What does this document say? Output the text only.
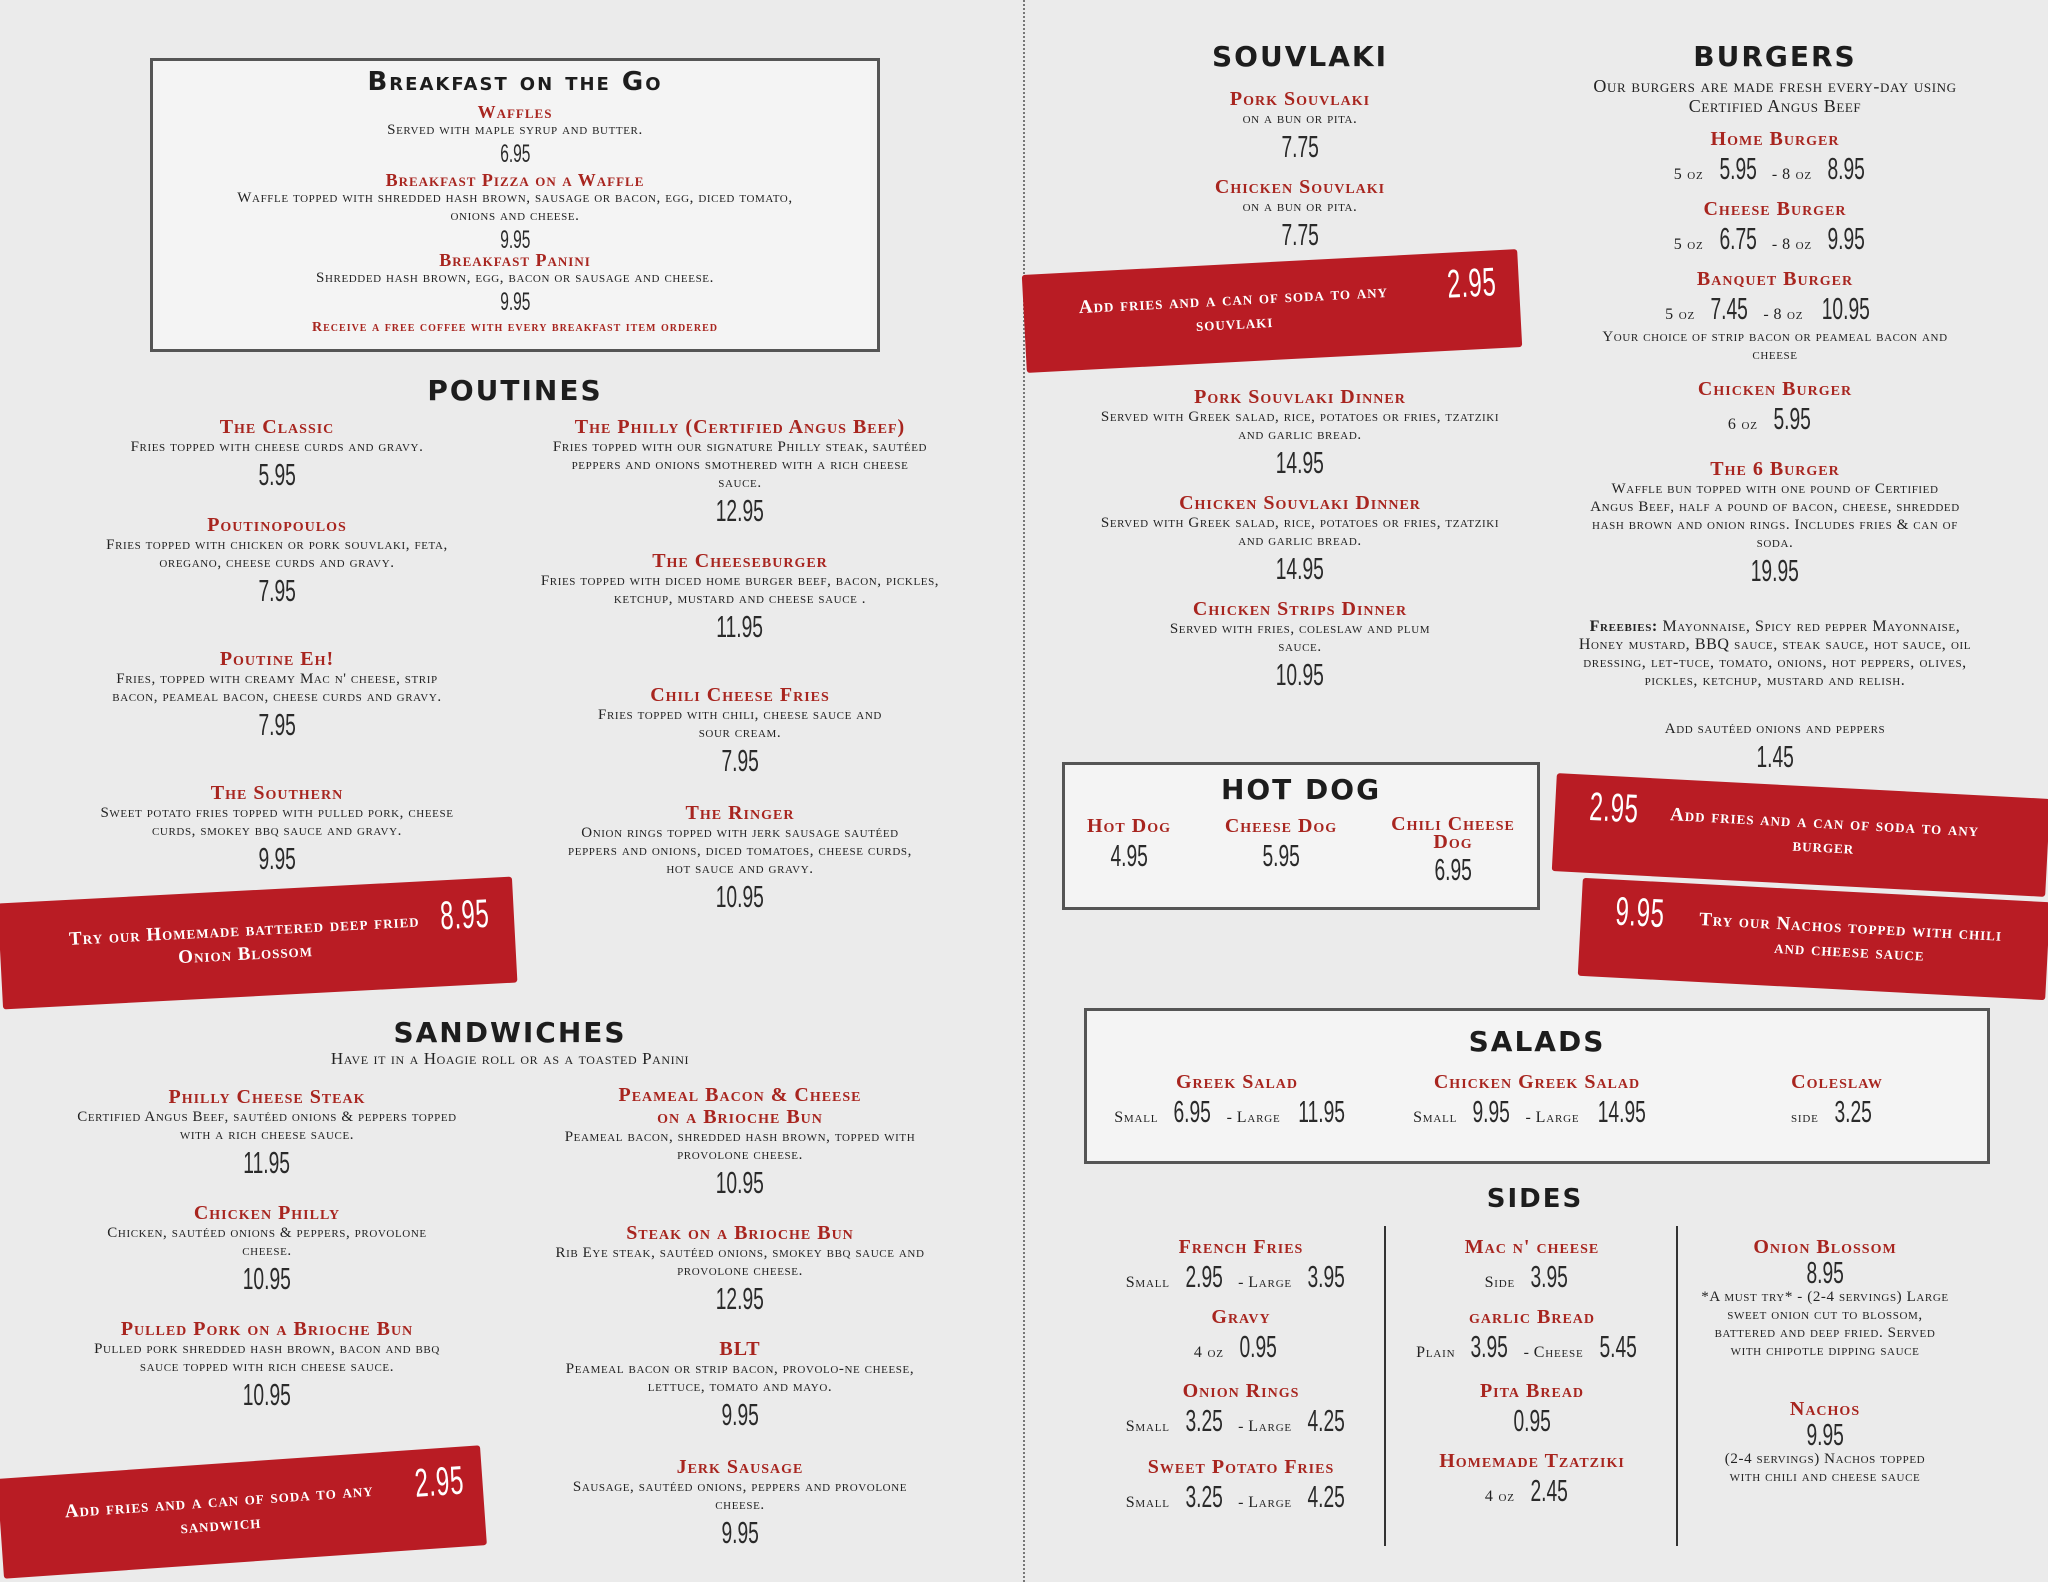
Breakfast on the Go
Waffles
Served with maple syrup and butter.
6.95
Breakfast Pizza on a Waffle
Waffle topped with shredded hash brown, sausage or bacon, egg, diced tomato, onions and cheese.
9.95
Breakfast Panini
Shredded hash brown, egg, bacon or sausage and cheese.
9.95
Receive a free coffee with every breakfast item ordered
POUTINES
The Classic
Fries topped with cheese curds and gravy.
5.95
Poutinopoulos
Fries topped with chicken or pork souvlaki, feta, oregano, cheese curds and gravy.
7.95
Poutine Eh!
Fries, topped with creamy Mac n' cheese, strip bacon, peameal bacon, cheese curds and gravy.
7.95
The Southern
Sweet potato fries topped with pulled pork, cheese curds, smokey bbq sauce and gravy.
9.95
The Philly (Certified Angus Beef)
Fries topped with our signature Philly steak, sautéed peppers and onions smothered with a rich cheese sauce.
12.95
The Cheeseburger
Fries topped with diced home burger beef, bacon, pickles, ketchup, mustard and cheese sauce .
11.95
Chili Cheese Fries
Fries topped with chili, cheese sauce and sour cream.
7.95
The Ringer
Onion rings topped with jerk sausage sautéed peppers and onions, diced tomatoes, cheese curds, hot sauce and gravy.
10.95
Try our Homemade battered deep fried Onion Blossom
8.95
SANDWICHES
Have it in a Hoagie roll or as a toasted Panini
Philly Cheese Steak
Certified Angus Beef, sautéed onions & peppers topped with a rich cheese sauce.
11.95
Chicken Philly
Chicken, sautéed onions & peppers, provolone cheese.
10.95
Pulled Pork on a Brioche Bun
Pulled pork shredded hash brown, bacon and bbq sauce topped with rich cheese sauce.
10.95
Peameal Bacon & Cheese on a Brioche Bun
Peameal bacon, shredded hash brown, topped with provolone cheese.
10.95
Steak on a Brioche Bun
Rib Eye steak, sautéed onions, smokey bbq sauce and provolone cheese.
12.95
BLT
Peameal bacon or strip bacon, provolo-ne cheese, lettuce, tomato and mayo.
9.95
Jerk Sausage
Sausage, sautéed onions, peppers and provolone cheese.
9.95
Add fries and a can of soda to any sandwich
2.95
SOUVLAKI
Pork Souvlaki
on a bun or pita.
7.75
Chicken Souvlaki
on a bun or pita.
7.75
Add fries and a can of soda to any souvlaki
2.95
Pork Souvlaki Dinner
Served with Greek salad, rice, potatoes or fries, tzatziki and garlic bread.
14.95
Chicken Souvlaki Dinner
Served with Greek salad, rice, potatoes or fries, tzatziki and garlic bread.
14.95
Chicken Strips Dinner
Served with fries, coleslaw and plum sauce.
10.95
HOT DOG
Hot Dog
4.95
Cheese Dog
5.95
Chili Cheese Dog
6.95
BURGERS
Our burgers are made fresh every-day using Certified Angus Beef
Home Burger
5 oz 5.95 - 8 oz 8.95
Cheese Burger
5 oz 6.75 - 8 oz 9.95
Banquet Burger
5 oz 7.45 - 8 oz 10.95
Your choice of strip bacon or peameal bacon and cheese
Chicken Burger
6 oz 5.95
The 6 Burger
Waffle bun topped with one pound of Certified Angus Beef, half a pound of bacon, cheese, shredded hash brown and onion rings. Includes fries & can of soda.
19.95
Freebies: Mayonnaise, Spicy red pepper Mayonnaise, Honey mustard, BBQ sauce, steak sauce, hot sauce, oil dressing, let-tuce, tomato, onions, hot peppers, olives, pickles, ketchup, mustard and relish.
Add sautéed onions and peppers
1.45
2.95	Add fries and a can of soda to any burger
9.95	Try our Nachos topped with chili and cheese sauce
SALADS
Greek Salad
Small 6.95 - Large 11.95
Chicken Greek Salad
Small 9.95 - Large 14.95
Coleslaw
side 3.25
SIDES
French Fries
Small 2.95 - Large 3.95
Gravy
4 oz 0.95
Onion Rings
Small 3.25 - Large 4.25
Sweet Potato Fries
Small 3.25 - Large 4.25
Mac n' cheese
Side 3.95
garlic Bread
Plain 3.95 - Cheese 5.45
Pita Bread
0.95
Homemade Tzatziki
4 oz 2.45
Onion Blossom
8.95
*A must try* - (2-4 servings) Large sweet onion cut to blossom, battered and deep fried. Served with chipotle dipping sauce
Nachos
9.95
(2-4 servings) Nachos topped with chili and cheese sauce
